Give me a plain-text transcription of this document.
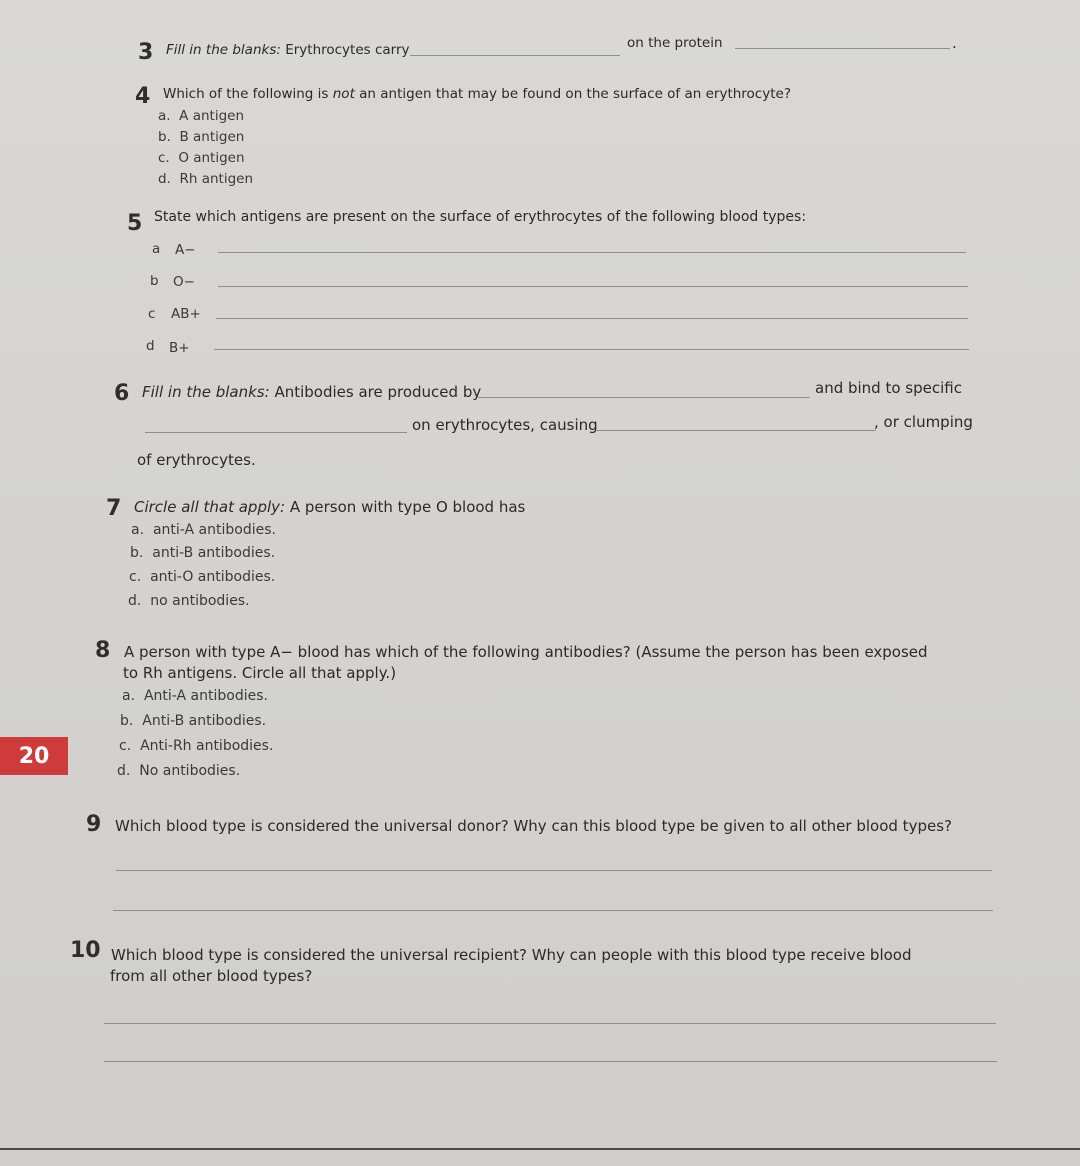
3 Fill in the blanks: Erythrocytes carry	on the protein	.
4 Which of the following is not an antigen that may be found on the surface of an erythrocyte?
a. A antigen
b. B antigen
c. O antigen
d. Rh antigen
5 State which antigens are present on the surface of erythrocytes of the following blood types:
a A−
b O−
c AB+
d B+
6 Fill in the blanks: Antibodies are produced by	and bind to specific
on erythrocytes, causing	, or clumping
of erythrocytes.
7 Circle all that apply: A person with type O blood has
a. anti-A antibodies.
b. anti-B antibodies.
c. anti-O antibodies.
d. no antibodies.
8 A person with type A− blood has which of the following antibodies? (Assume the person has been exposed
to Rh antigens. Circle all that apply.)
a. Anti-A antibodies.
b. Anti-B antibodies.
c. Anti-Rh antibodies.
d. No antibodies.
20
9 Which blood type is considered the universal donor? Why can this blood type be given to all other blood types?
10 Which blood type is considered the universal recipient? Why can people with this blood type receive blood
from all other blood types?
